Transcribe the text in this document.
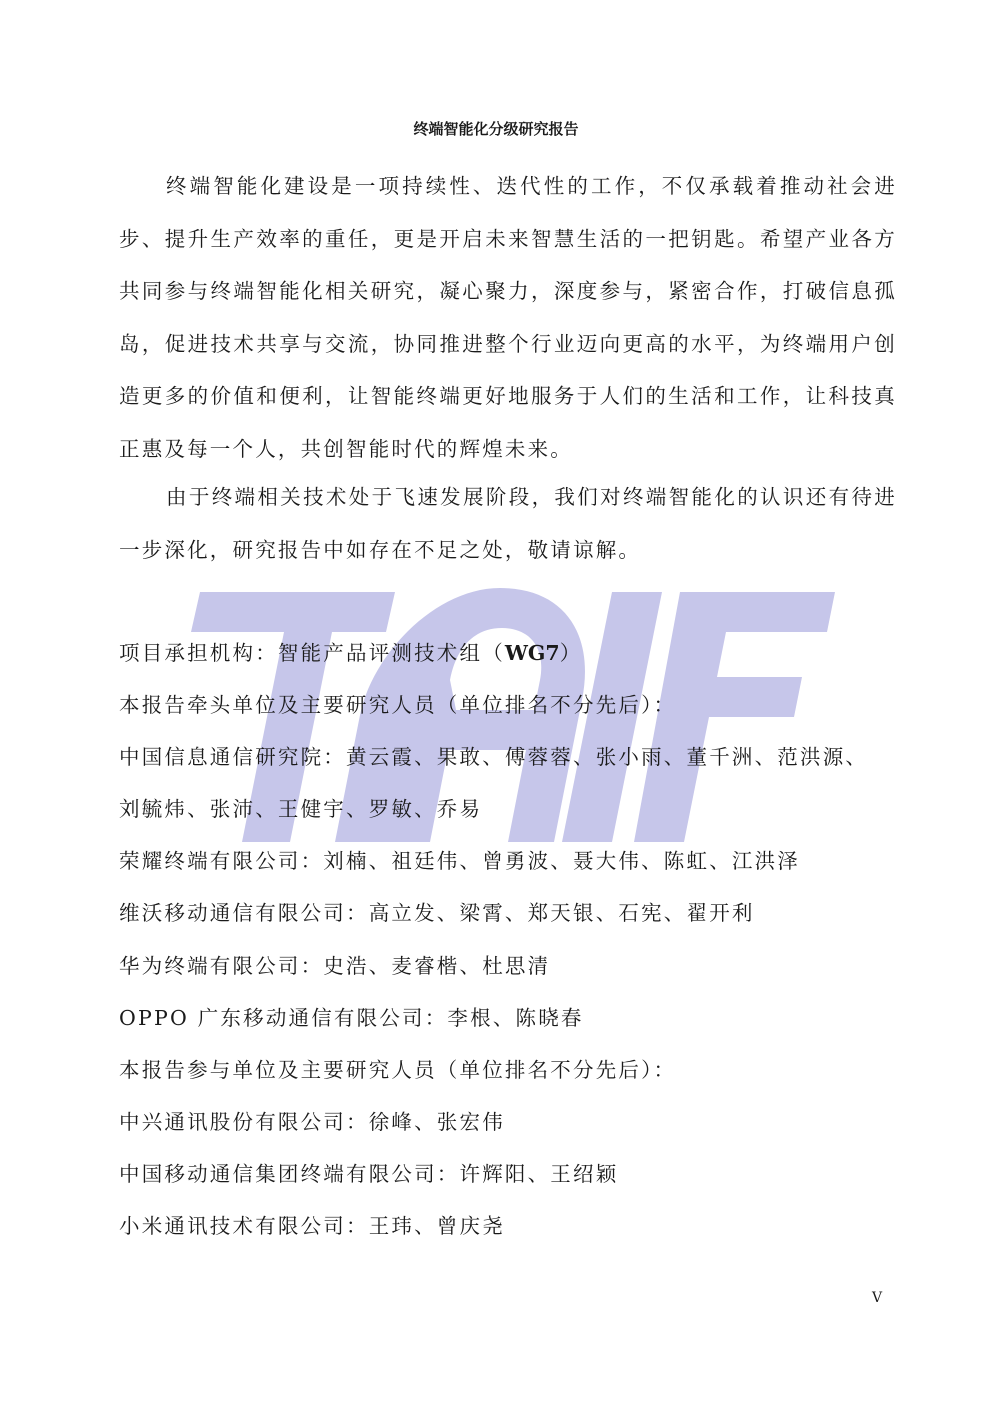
终端智能化分级研究报告

终端智能化建设是一项持续性、迭代性的工作，不仅承载着推动社会进步、提升生产效率的重任，更是开启未来智慧生活的一把钥匙。希望产业各方共同参与终端智能化相关研究，凝心聚力，深度参与，紧密合作，打破信息孤岛，促进技术共享与交流，协同推进整个行业迈向更高的水平，为终端用户创造更多的价值和便利，让智能终端更好地服务于人们的生活和工作，让科技真正惠及每一个人，共创智能时代的辉煌未来。

由于终端相关技术处于飞速发展阶段，我们对终端智能化的认识还有待进一步深化，研究报告中如存在不足之处，敬请谅解。

项目承担机构：智能产品评测技术组（WG7）
本报告牵头单位及主要研究人员（单位排名不分先后）：
中国信息通信研究院：黄云霞、果敢、傅蓉蓉、张小雨、董千洲、范洪源、
刘毓炜、张沛、王健宇、罗敏、乔易
荣耀终端有限公司：刘楠、祖廷伟、曾勇波、聂大伟、陈虹、江洪泽
维沃移动通信有限公司：高立发、梁霄、郑天银、石宪、翟开利
华为终端有限公司：史浩、麦睿楷、杜思清
OPPO 广东移动通信有限公司：李根、陈晓春
本报告参与单位及主要研究人员（单位排名不分先后）：
中兴通讯股份有限公司：徐峰、张宏伟
中国移动通信集团终端有限公司：许辉阳、王绍颖
小米通讯技术有限公司：王玮、曾庆尧
V
